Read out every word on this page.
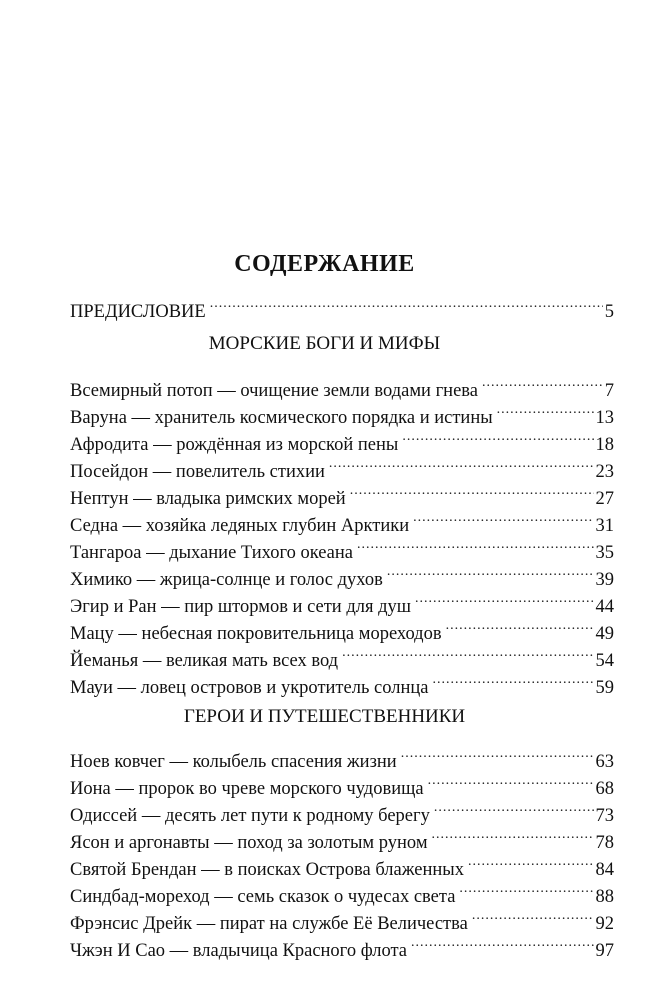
СОДЕРЖАНИЕ
ПРЕДИСЛОВИЕ .....	5
МОРСКИЕ БОГИ И МИФЫ
Всемирный потоп — очищение земли водами гнева .....	7
Варуна — хранитель космического порядка и истины .....	13
Афродита — рождённая из морской пены .....	18
Посейдон — повелитель стихии .....	23
Нептун — владыка римских морей .....	27
Седна — хозяйка ледяных глубин Арктики .....	31
Тангароа — дыхание Тихого океана .....	35
Химико — жрица-солнце и голос духов .....	39
Эгир и Ран — пир штормов и сети для душ .....	44
Мацу — небесная покровительница мореходов .....	49
Йеманья — великая мать всех вод .....	54
Мауи — ловец островов и укротитель солнца .....	59
ГЕРОИ И ПУТЕШЕСТВЕННИКИ
Ноев ковчег — колыбель спасения жизни .....	63
Иона — пророк во чреве морского чудовища .....	68
Одиссей — десять лет пути к родному берегу .....	73
Ясон и аргонавты — поход за золотым руном .....	78
Святой Брендан — в поисках Острова блаженных .....	84
Синдбад-мореход — семь сказок о чудесах света .....	88
Фрэнсис Дрейк — пират на службе Её Величества .....	92
Чжэн И Сао — владычица Красного флота .....	97
